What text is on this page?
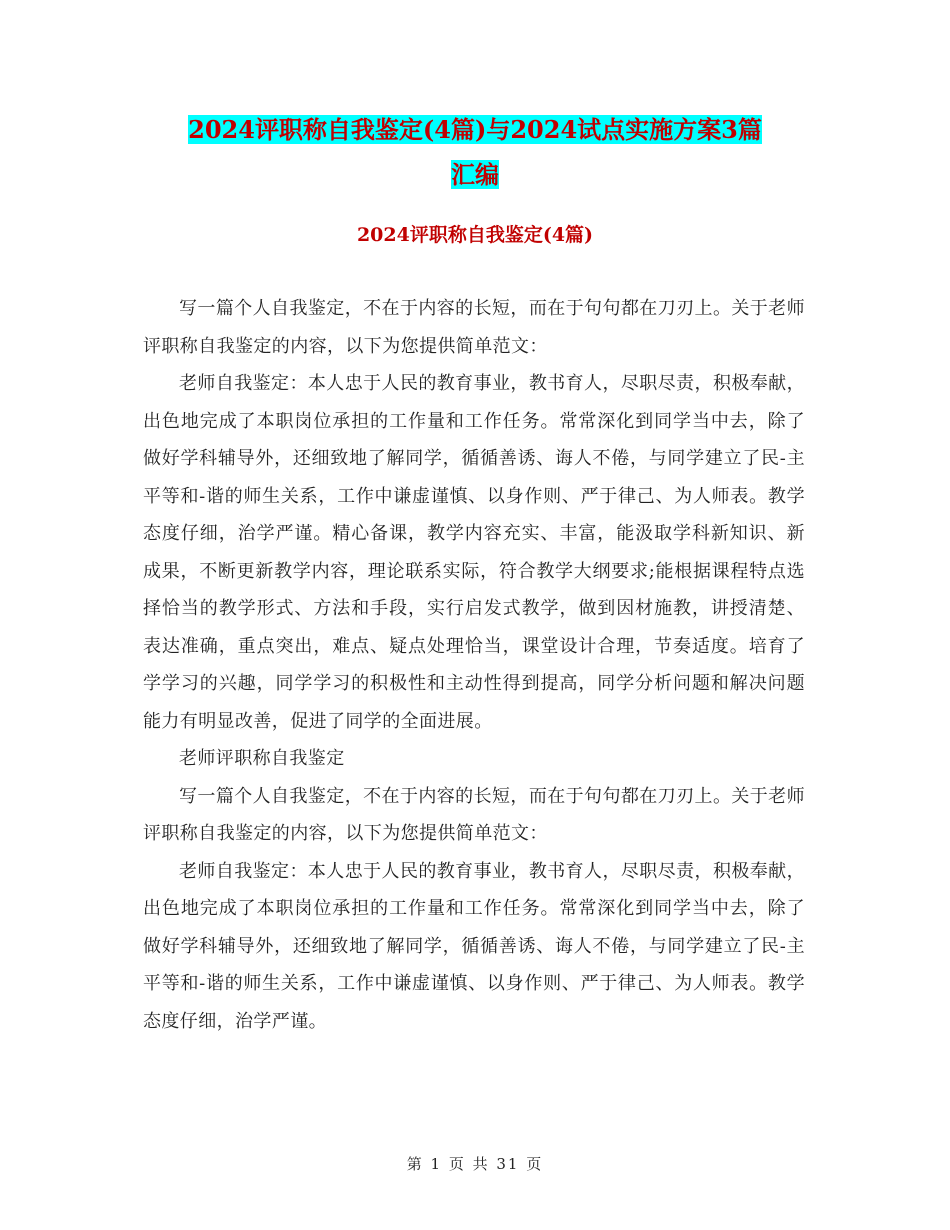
2024评职称自我鉴定(4篇)与2024试点实施方案3篇
汇编
2024评职称自我鉴定(4篇)

写一篇个人自我鉴定，不在于内容的长短，而在于句句都在刀刃上。关于老师评职称自我鉴定的内容，以下为您提供简单范文：

老师自我鉴定：本人忠于人民的教育事业，教书育人，尽职尽责，积极奉献，出色地完成了本职岗位承担的工作量和工作任务。常常深化到同学当中去，除了做好学科辅导外，还细致地了解同学，循循善诱、诲人不倦，与同学建立了民-主平等和-谐的师生关系，工作中谦虚谨慎、以身作则、严于律己、为人师表。教学态度仔细，治学严谨。精心备课，教学内容充实、丰富，能汲取学科新知识、新成果，不断更新教学内容，理论联系实际，符合教学大纲要求;能根据课程特点选择恰当的教学形式、方法和手段，实行启发式教学，做到因材施教，讲授清楚、表达准确，重点突出，难点、疑点处理恰当，课堂设计合理，节奏适度。培育了学学习的兴趣，同学学习的积极性和主动性得到提高，同学分析问题和解决问题能力有明显改善，促进了同学的全面进展。

老师评职称自我鉴定

写一篇个人自我鉴定，不在于内容的长短，而在于句句都在刀刃上。关于老师评职称自我鉴定的内容，以下为您提供简单范文：

老师自我鉴定：本人忠于人民的教育事业，教书育人，尽职尽责，积极奉献，出色地完成了本职岗位承担的工作量和工作任务。常常深化到同学当中去，除了做好学科辅导外，还细致地了解同学，循循善诱、诲人不倦，与同学建立了民-主平等和-谐的师生关系，工作中谦虚谨慎、以身作则、严于律己、为人师表。教学态度仔细，治学严谨。

第 1 页 共 31 页
